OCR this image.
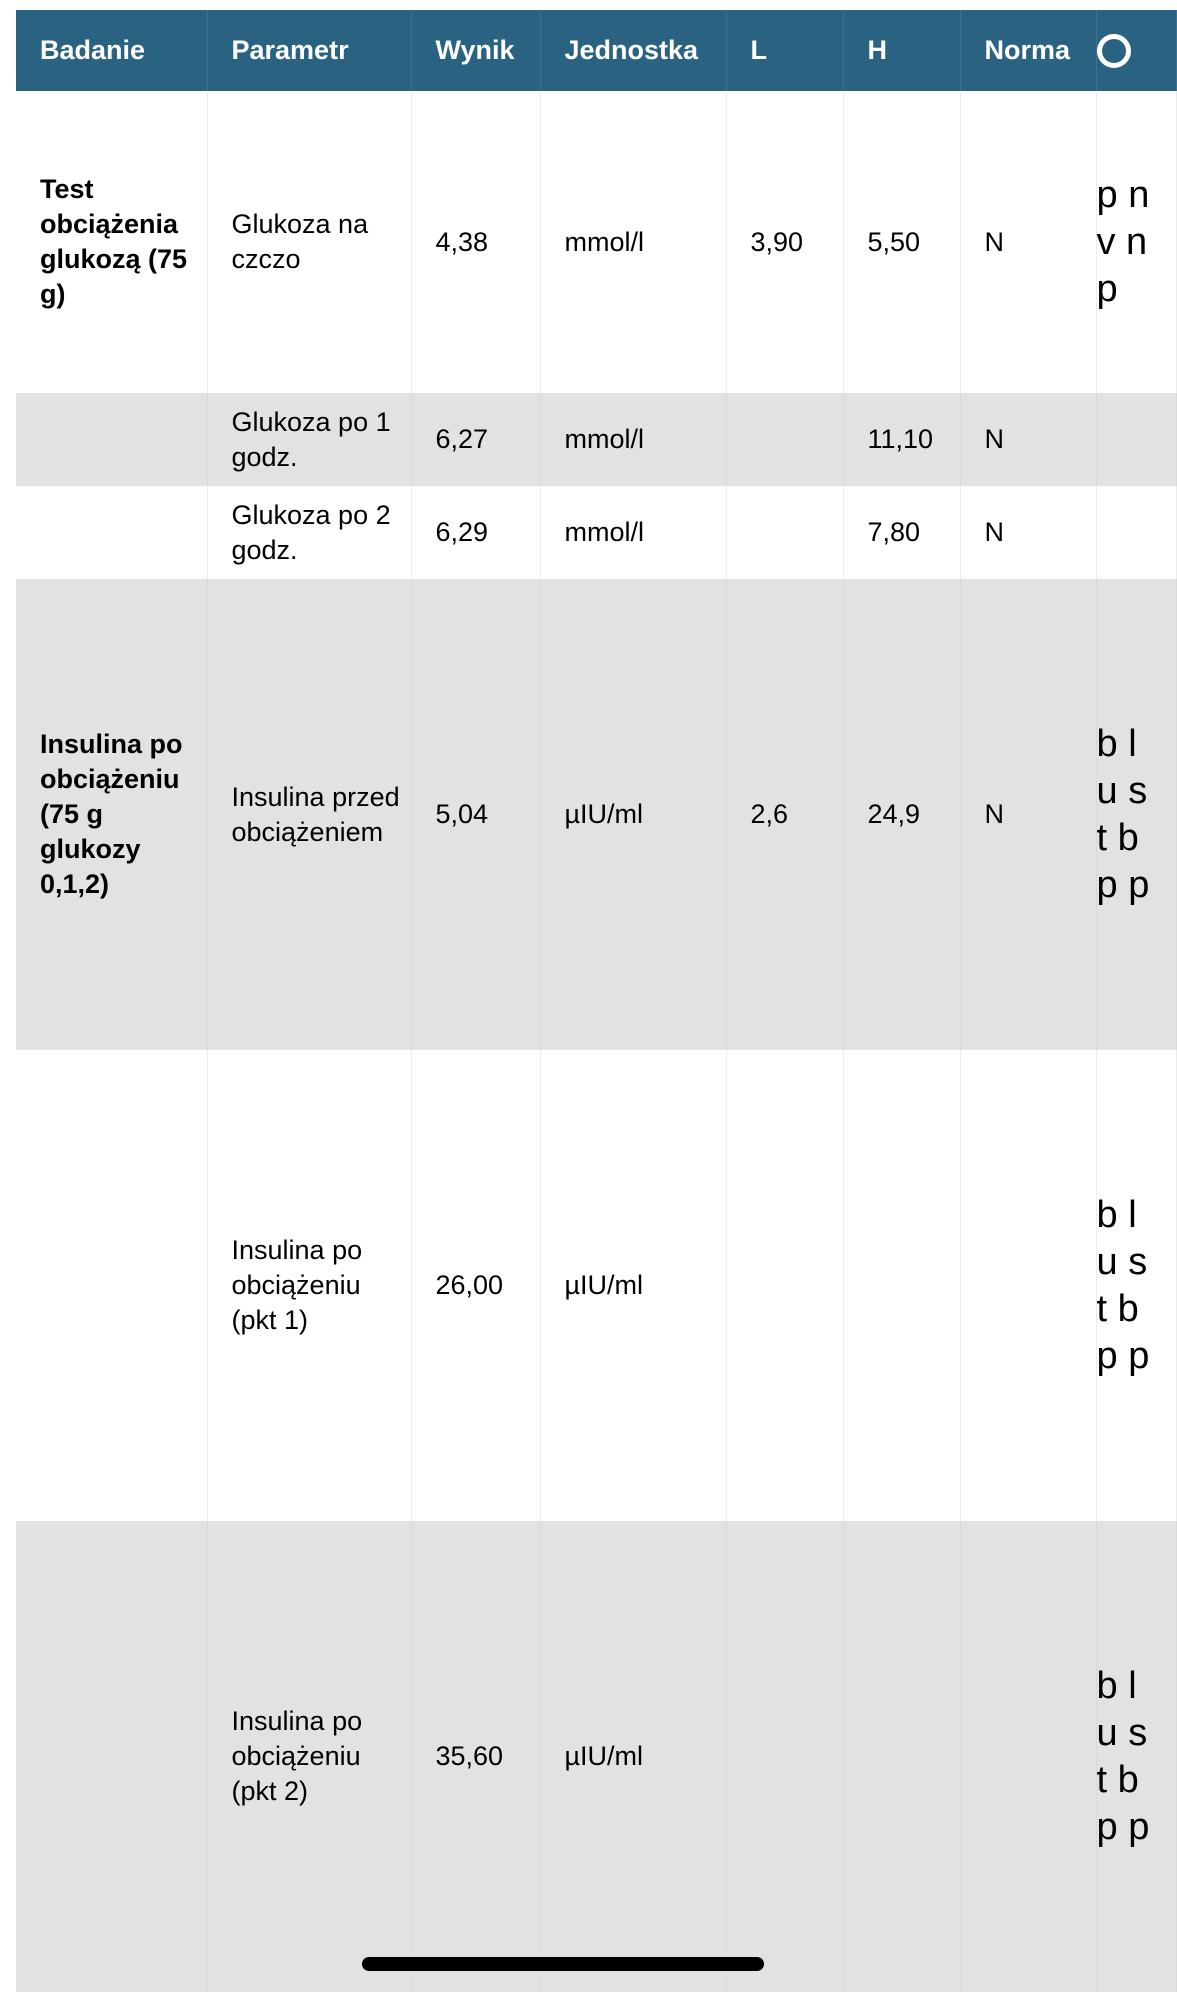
Badanie	Parametr	Wynik	Jednostka	L	H	Norma	
Test obciążenia glukozą (75 g)	Glukoza na czczo	4,38	mmol/l	3,90	5,50	N	p n v n p
	Glukoza po 1 godz.	6,27	mmol/l		11,10	N	
	Glukoza po 2 godz.	6,29	mmol/l		7,80	N	
Insulina po obciążeniu (75 g glukozy 0,1,2)	Insulina przed obciążeniem	5,04	µIU/ml	2,6	24,9	N	b l u s t b p p
	Insulina po obciążeniu (pkt 1)	26,00	µIU/ml				b l u s t b p p
	Insulina po obciążeniu (pkt 2)	35,60	µIU/ml				b l u s t b p p
